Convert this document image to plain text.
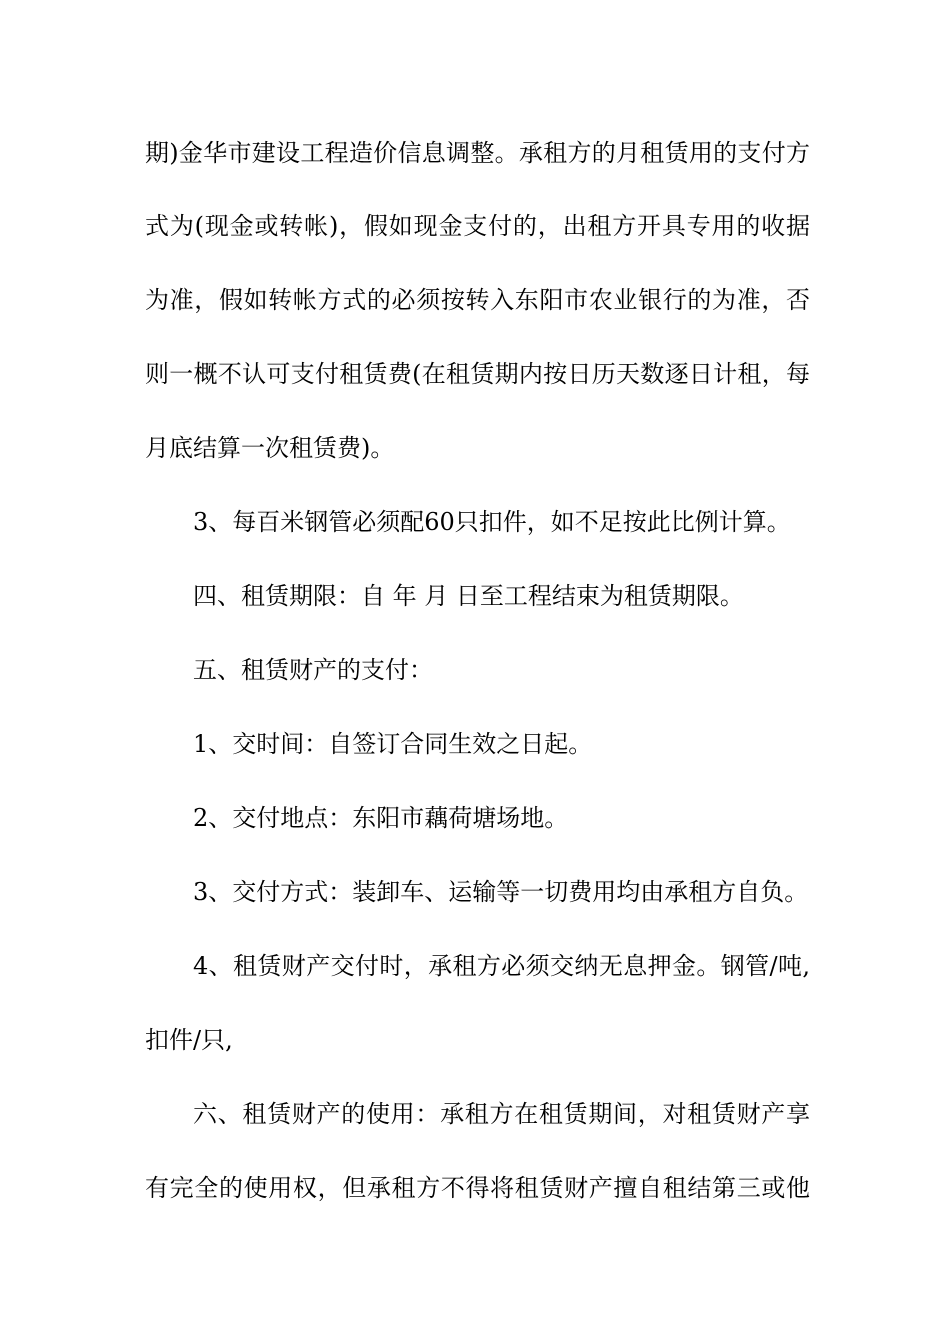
期)金华市建设工程造价信息调整。承租方的月租赁用的支付方
式为(现金或转帐)，假如现金支付的，出租方开具专用的收据
为准，假如转帐方式的必须按转入东阳市农业银行的为准，否
则一概不认可支付租赁费(在租赁期内按日历天数逐日计租，每
月底结算一次租赁费)。
3、每百米钢管必须配60只扣件，如不足按此比例计算。
四、租赁期限：自 年 月 日至工程结束为租赁期限。
五、租赁财产的支付：
1、交时间：自签订合同生效之日起。
2、交付地点：东阳市藕荷塘场地。
3、交付方式：装卸车、运输等一切费用均由承租方自负。
4、租赁财产交付时，承租方必须交纳无息押金。钢管/吨,
扣件/只,
六、租赁财产的使用：承租方在租赁期间，对租赁财产享
有完全的使用权，但承租方不得将租赁财产擅自租结第三或他
